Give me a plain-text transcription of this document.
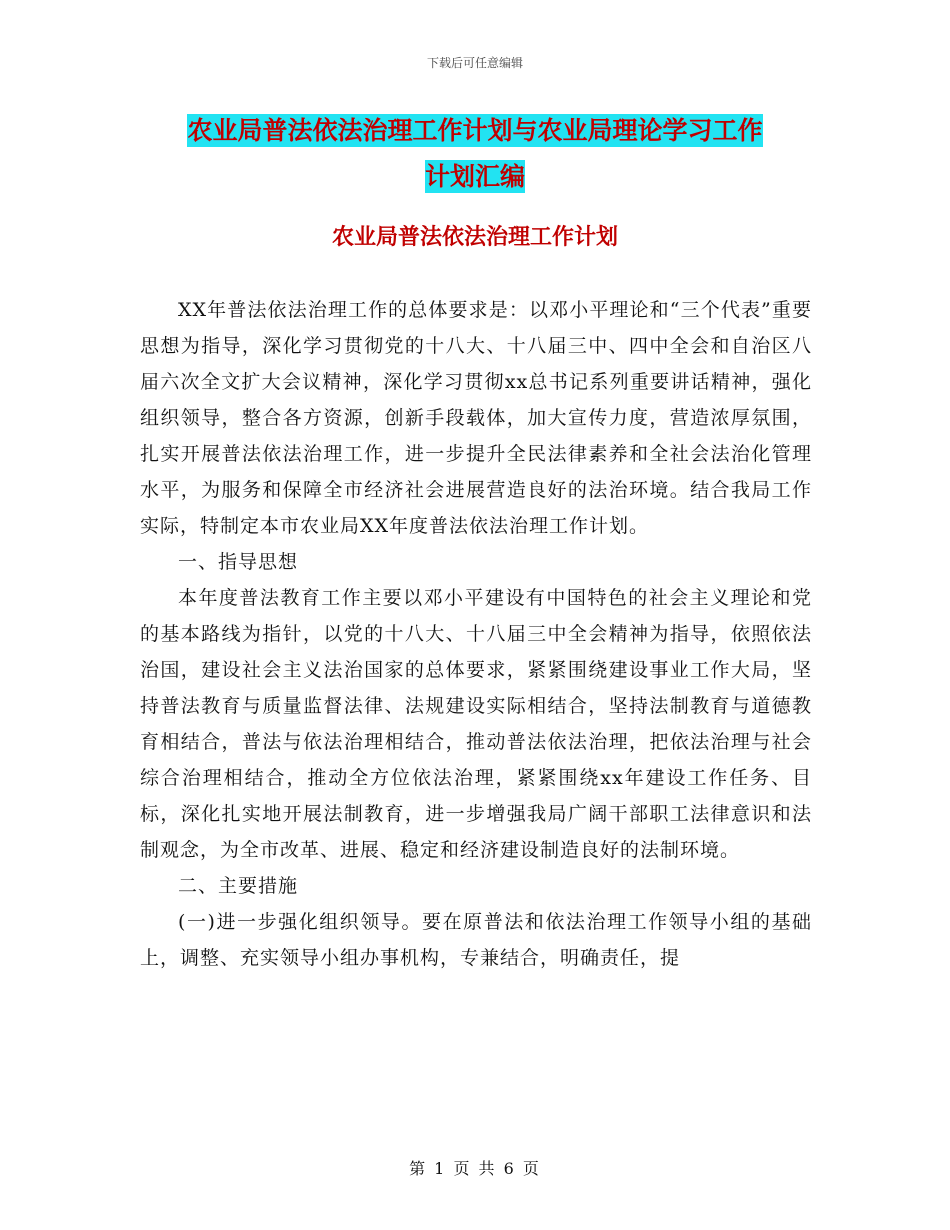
下载后可任意编辑
农业局普法依法治理工作计划与农业局理论学习工作
计划汇编
农业局普法依法治理工作计划

XX年普法依法治理工作的总体要求是：以邓小平理论和“三个代表”重要思想为指导，深化学习贯彻党的十八大、十八届三中、四中全会和自治区八届六次全文扩大会议精神，深化学习贯彻xx总书记系列重要讲话精神，强化组织领导，整合各方资源，创新手段载体，加大宣传力度，营造浓厚氛围，扎实开展普法依法治理工作，进一步提升全民法律素养和全社会法治化管理水平，为服务和保障全市经济社会进展营造良好的法治环境。结合我局工作实际，特制定本市农业局XX年度普法依法治理工作计划。

一、指导思想

本年度普法教育工作主要以邓小平建设有中国特色的社会主义理论和党的基本路线为指针，以党的十八大、十八届三中全会精神为指导，依照依法治国，建设社会主义法治国家的总体要求，紧紧围绕建设事业工作大局，坚持普法教育与质量监督法律、法规建设实际相结合，坚持法制教育与道德教育相结合，普法与依法治理相结合，推动普法依法治理，把依法治理与社会综合治理相结合，推动全方位依法治理，紧紧围绕xx年建设工作任务、目标，深化扎实地开展法制教育，进一步增强我局广阔干部职工法律意识和法制观念，为全市改革、进展、稳定和经济建设制造良好的法制环境。

二、主要措施

(一)进一步强化组织领导。要在原普法和依法治理工作领导小组的基础上，调整、充实领导小组办事机构，专兼结合，明确责任，提

第 1 页 共 6 页
